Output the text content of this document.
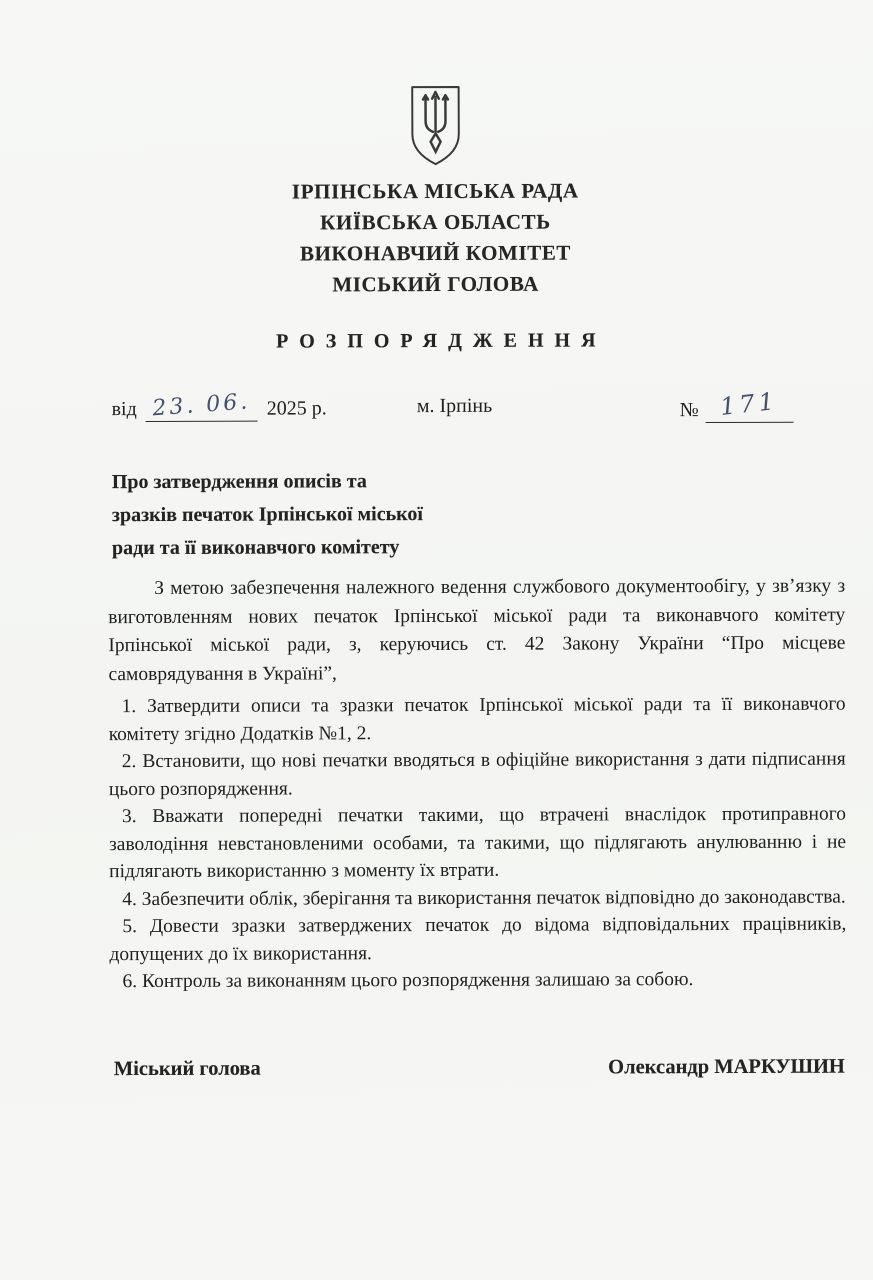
ІРПІНСЬКА МІСЬКА РАДА
КИЇВСЬКА ОБЛАСТЬ
ВИКОНАВЧИЙ КОМІТЕТ
МІСЬКИЙ ГОЛОВА
РОЗПОРЯДЖЕННЯ
від 23. 06. 2025 р.	м. Ірпінь	№ 171
Про затвердження описів та
зразків печаток Ірпінської міської
ради та її виконавчого комітету

З метою забезпечення належного ведення службового документообігу, у зв’язку з виготовленням нових печаток Ірпінської міської ради та виконавчого комітету Ірпінської міської ради, з, керуючись ст. 42 Закону України “Про місцеве самоврядування в Україні”,

1. Затвердити описи та зразки печаток Ірпінської міської ради та її виконавчого комітету згідно Додатків №1, 2.

2. Встановити, що нові печатки вводяться в офіційне використання з дати підписання цього розпорядження.

3. Вважати попередні печатки такими, що втрачені внаслідок протиправного заволодіння невстановленими особами, та такими, що підлягають анулюванню і не підлягають використанню з моменту їх втрати.

4. Забезпечити облік, зберігання та використання печаток відповідно до законодавства.

5. Довести зразки затверджених печаток до відома відповідальних працівників, допущених до їх використання.

6. Контроль за виконанням цього розпорядження залишаю за собою.

Міський голова	Олександр МАРКУШИН
